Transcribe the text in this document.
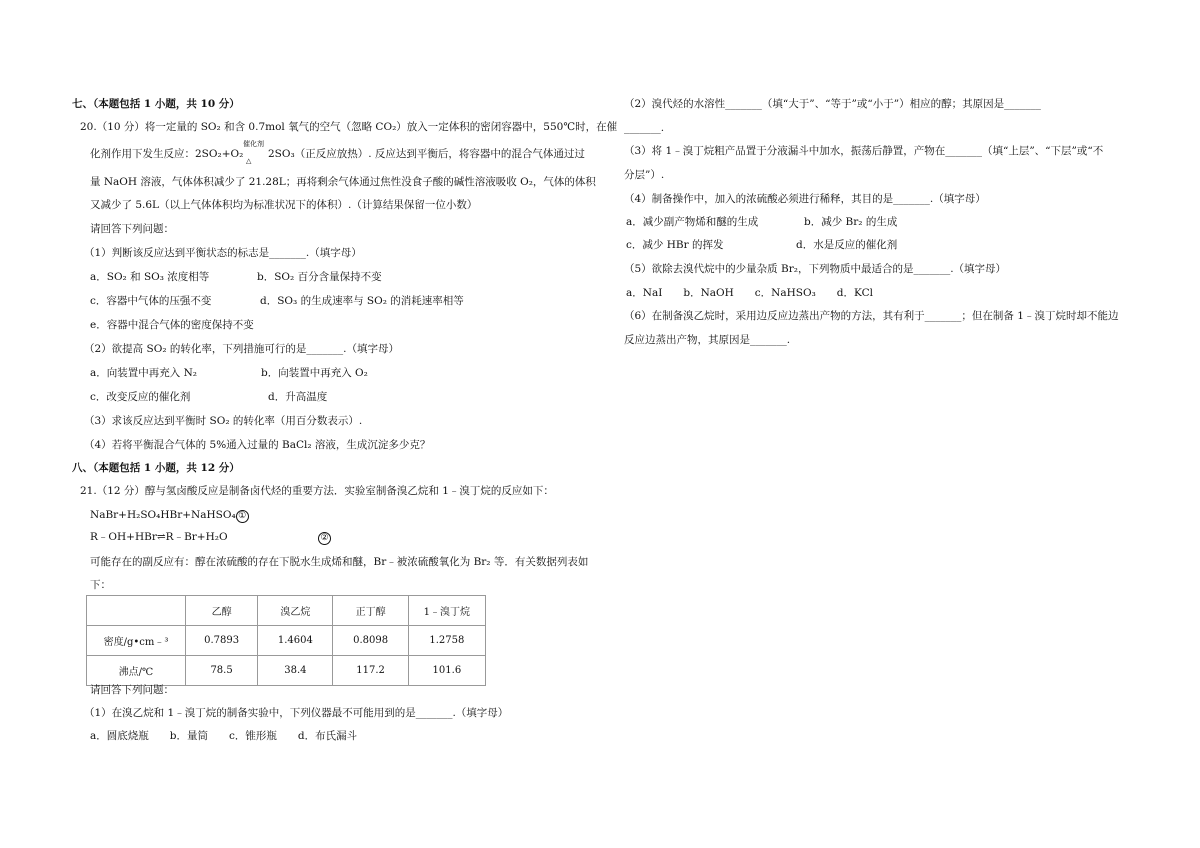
七、（本题包括 1 小题，共 10 分）
20.（10 分）将一定量的 SO₂ 和含 0.7mol 氧气的空气（忽略 CO₂）放入一定体积的密闭容器中，550℃时，在催
化剂作用下发生反应：2SO₂+O₂
催化剂
△
2SO₃（正反应放热）. 反应达到平衡后，将容器中的混合气体通过过
量 NaOH 溶液，气体体积减少了 21.28L；再将剩余气体通过焦性没食子酸的碱性溶液吸收 O₂，气体的体积
又减少了 5.6L（以上气体体积均为标准状况下的体积）.（计算结果保留一位小数）
请回答下列问题：
（1）判断该反应达到平衡状态的标志是_______.（填字母）
a．SO₂ 和 SO₃ 浓度相等	b．SO₂ 百分含量保持不变
c．容器中气体的压强不变	d．SO₃ 的生成速率与 SO₂ 的消耗速率相等
e．容器中混合气体的密度保持不变
（2）欲提高 SO₂ 的转化率，下列措施可行的是_______.（填字母）
a．向装置中再充入 N₂	b．向装置中再充入 O₂
c．改变反应的催化剂	d．升高温度
（3）求该反应达到平衡时 SO₂ 的转化率（用百分数表示）.
（4）若将平衡混合气体的 5%通入过量的 BaCl₂ 溶液，生成沉淀多少克？
八、（本题包括 1 小题，共 12 分）
21.（12 分）醇与氢卤酸反应是制备卤代烃的重要方法．实验室制备溴乙烷和 1﹣溴丁烷的反应如下：
NaBr+H₂SO₄HBr+NaHSO₄ ①
R﹣OH+HBr⇌R﹣Br+H₂O	②
可能存在的副反应有：醇在浓硫酸的存在下脱水生成烯和醚，Br﹣被浓硫酸氧化为 Br₂ 等．有关数据列表如
下：
	乙醇	溴乙烷	正丁醇	1﹣溴丁烷
密度/g•cm﹣³	0.7893	1.4604	0.8098	1.2758
沸点/℃	78.5	38.4	117.2	101.6
请回答下列问题：
（1）在溴乙烷和 1﹣溴丁烷的制备实验中，下列仪器最不可能用到的是_______.（填字母）
a．圆底烧瓶　　b．量筒　　c．锥形瓶　　d．布氏漏斗
（2）溴代烃的水溶性_______（填“大于”、“等于”或“小于”）相应的醇；其原因是_______
_______.
（3）将 1﹣溴丁烷粗产品置于分液漏斗中加水，振荡后静置，产物在_______（填“上层”、“下层”或“不
分层”）.
（4）制备操作中，加入的浓硫酸必须进行稀释，其目的是_______.（填字母）
a．减少副产物烯和醚的生成	b．减少 Br₂ 的生成
c．减少 HBr 的挥发	d．水是反应的催化剂
（5）欲除去溴代烷中的少量杂质 Br₂，下列物质中最适合的是_______.（填字母）
a．NaI　　b．NaOH　　c．NaHSO₃　　d．KCl
（6）在制备溴乙烷时，采用边反应边蒸出产物的方法，其有利于_______；但在制备 1﹣溴丁烷时却不能边
反应边蒸出产物，其原因是_______.
